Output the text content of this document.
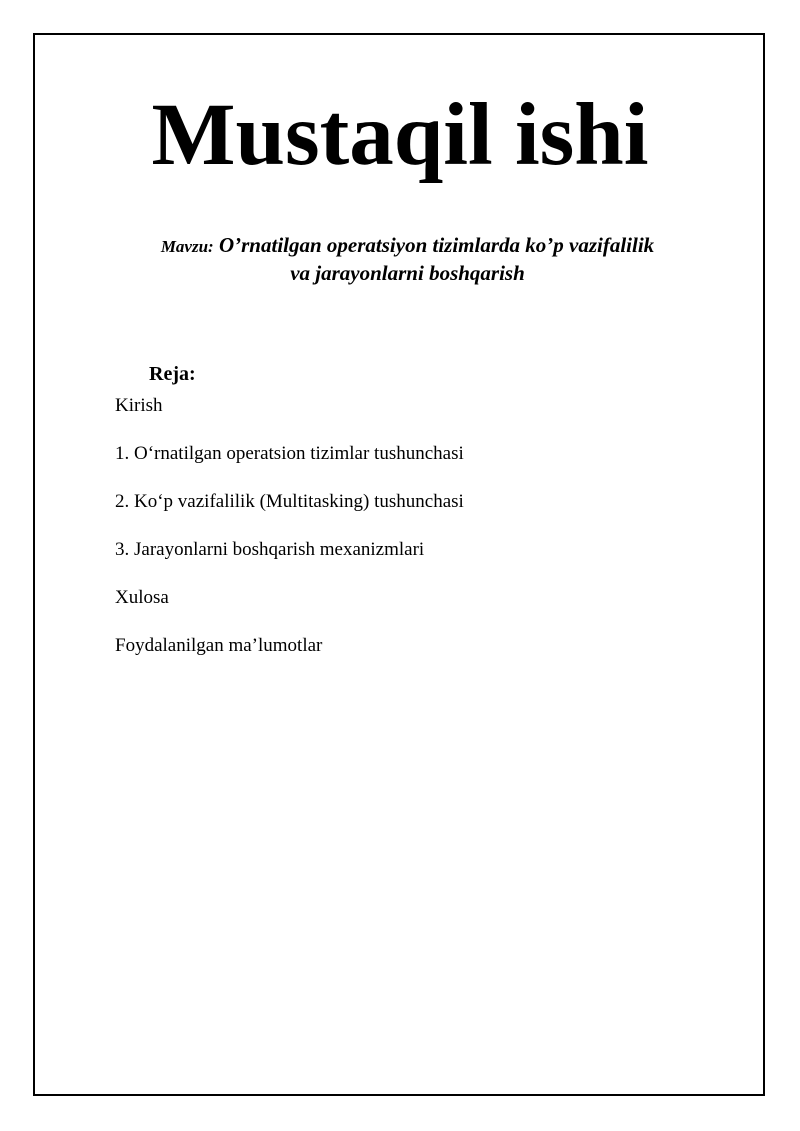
Mustaqil ishi
Mavzu: O’rnatilgan operatsiyon tizimlarda ko’p vazifalilik
va jarayonlarni boshqarish
Reja:
Kirish
1. O‘rnatilgan operatsion tizimlar tushunchasi
2. Ko‘p vazifalilik (Multitasking) tushunchasi
3. Jarayonlarni boshqarish mexanizmlari
Xulosa
Foydalanilgan ma’lumotlar
